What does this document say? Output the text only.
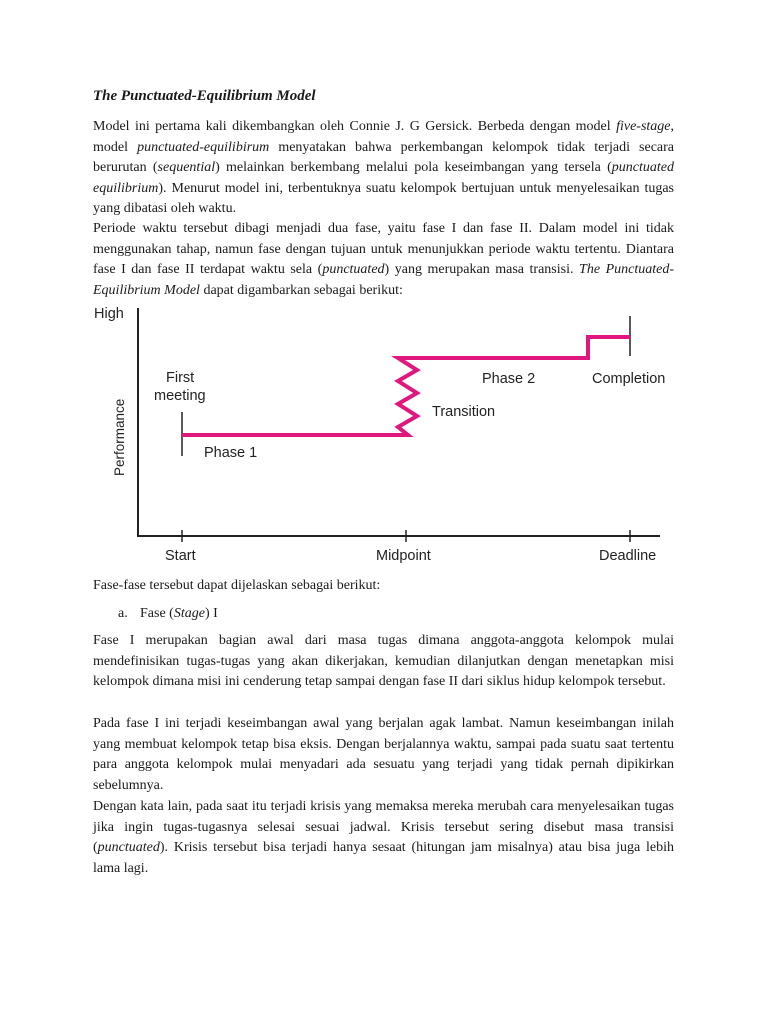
The Punctuated-Equilibrium Model

Model ini pertama kali dikembangkan oleh Connie J. G Gersick. Berbeda dengan model five-stage, model punctuated-equilibirum menyatakan bahwa perkembangan kelompok tidak terjadi secara berurutan (sequential) melainkan berkembang melalui pola keseimbangan yang tersela (punctuated equilibrium). Menurut model ini, terbentuknya suatu kelompok bertujuan untuk menyelesaikan tugas yang dibatasi oleh waktu.

Periode waktu tersebut dibagi menjadi dua fase, yaitu fase I dan fase II. Dalam model ini tidak menggunakan tahap, namun fase dengan tujuan untuk menunjukkan periode waktu tertentu. Diantara fase I dan fase II terdapat waktu sela (punctuated) yang merupakan masa transisi. The Punctuated-Equilibrium Model dapat digambarkan sebagai berikut:

High
Performance
First
meeting
Phase 1
Transition
Phase 2	Completion
Start	Midpoint	Deadline

Fase-fase tersebut dapat dijelaskan sebagai berikut:

a. Fase (Stage) I

Fase I merupakan bagian awal dari masa tugas dimana anggota-anggota kelompok mulai mendefinisikan tugas-tugas yang akan dikerjakan, kemudian dilanjutkan dengan menetapkan misi kelompok dimana misi ini cenderung tetap sampai dengan fase II dari siklus hidup kelompok tersebut.

Pada fase I ini terjadi keseimbangan awal yang berjalan agak lambat. Namun keseimbangan inilah yang membuat kelompok tetap bisa eksis. Dengan berjalannya waktu, sampai pada suatu saat tertentu para anggota kelompok mulai menyadari ada sesuatu yang terjadi yang tidak pernah dipikirkan sebelumnya.

Dengan kata lain, pada saat itu terjadi krisis yang memaksa mereka merubah cara menyelesaikan tugas jika ingin tugas-tugasnya selesai sesuai jadwal. Krisis tersebut sering disebut masa transisi (punctuated). Krisis tersebut bisa terjadi hanya sesaat (hitungan jam misalnya) atau bisa juga lebih lama lagi.
